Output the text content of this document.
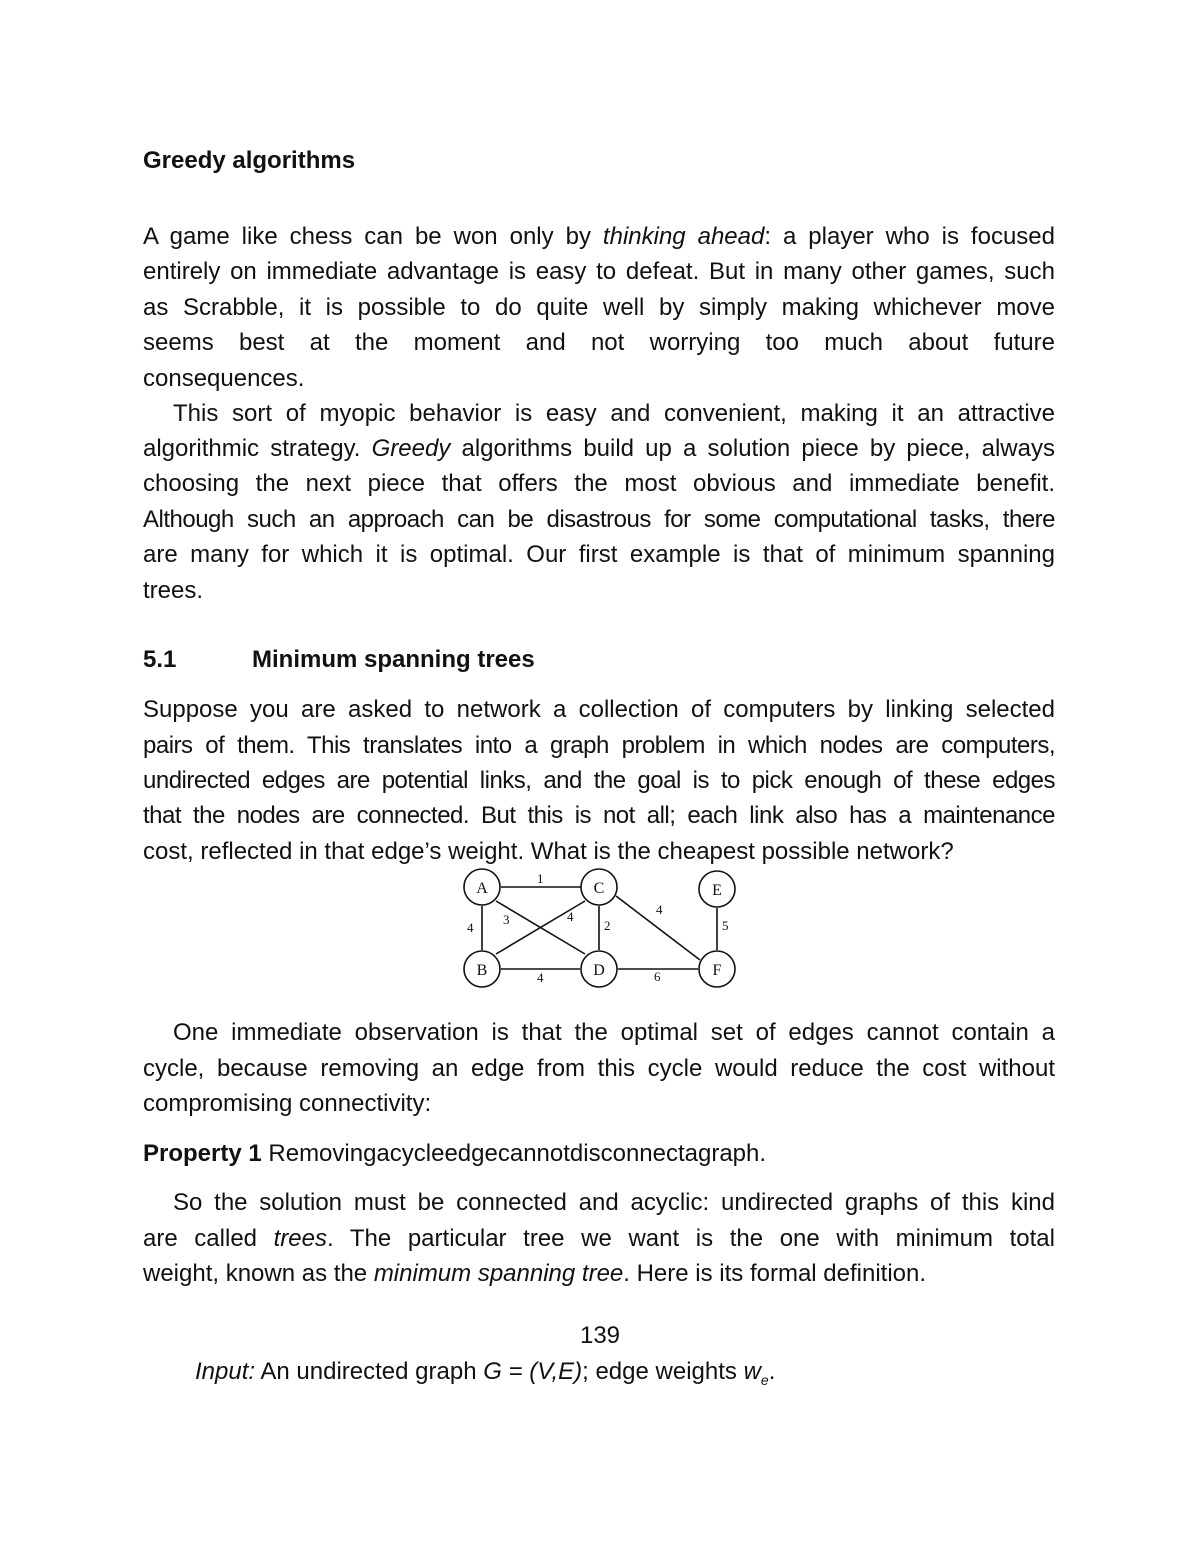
Greedy algorithms
A game like chess can be won only by thinking ahead: a player who is focused
entirely on immediate advantage is easy to defeat. But in many other games, such
as Scrabble, it is possible to do quite well by simply making whichever move
seems best at the moment and not worrying too much about future
consequences.
This sort of myopic behavior is easy and convenient, making it an attractive
algorithmic strategy. Greedy algorithms build up a solution piece by piece, always
choosing the next piece that offers the most obvious and immediate benefit.
Although such an approach can be disastrous for some computational tasks, there
are many for which it is optimal. Our first example is that of minimum spanning
trees.
5.1	Minimum spanning trees
Suppose you are asked to network a collection of computers by linking selected
pairs of them. This translates into a graph problem in which nodes are computers,
undirected edges are potential links, and the goal is to pick enough of these edges
that the nodes are connected. But this is not all; each link also has a maintenance
cost, reflected in that edge’s weight. What is the cheapest possible network?
1
4
3	4
2
4
4	6
5
A
B
C
D
E
F
One immediate observation is that the optimal set of edges cannot contain a
cycle, because removing an edge from this cycle would reduce the cost without
compromising connectivity:
Property 1 Removingacycleedgecannotdisconnectagraph.
So the solution must be connected and acyclic: undirected graphs of this kind
are called trees. The particular tree we want is the one with minimum total
weight, known as the minimum spanning tree. Here is its formal definition.
139
Input: An undirected graph G = (V,E); edge weights $w_e$.
